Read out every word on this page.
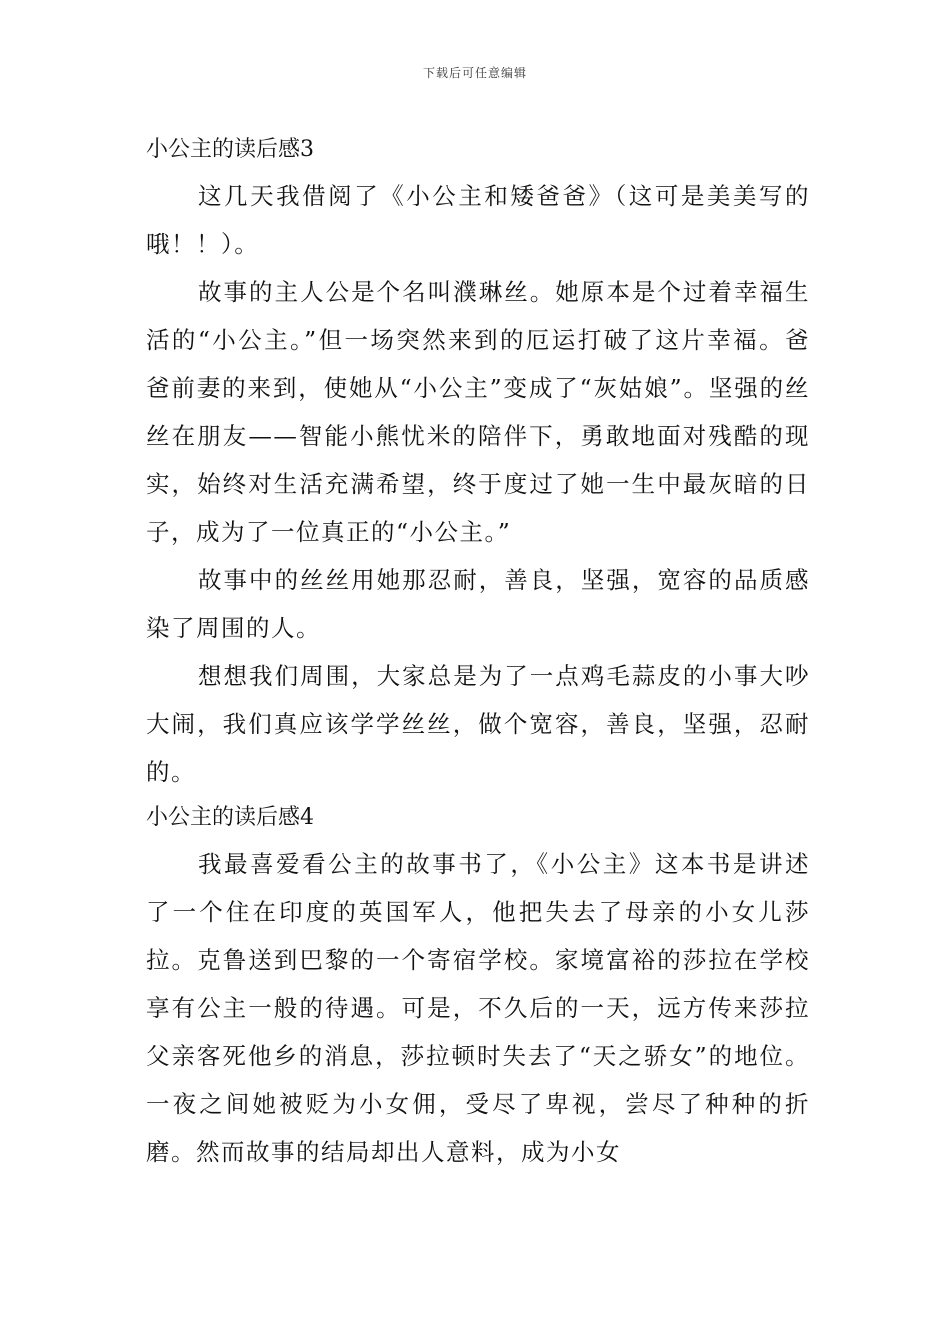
下载后可任意编辑
小公主的读后感3

这几天我借阅了《小公主和矮爸爸》（这可是美美写的哦！！）。

故事的主人公是个名叫濮琳丝。她原本是个过着幸福生活的“小公主。”但一场突然来到的厄运打破了这片幸福。爸爸前妻的来到，使她从“小公主”变成了“灰姑娘”。坚强的丝丝在朋友——智能小熊忧米的陪伴下，勇敢地面对残酷的现实，始终对生活充满希望，终于度过了她一生中最灰暗的日子，成为了一位真正的“小公主。”

故事中的丝丝用她那忍耐，善良，坚强，宽容的品质感染了周围的人。

想想我们周围，大家总是为了一点鸡毛蒜皮的小事大吵大闹，我们真应该学学丝丝，做个宽容，善良，坚强，忍耐的。

小公主的读后感4

我最喜爱看公主的故事书了，《小公主》这本书是讲述了一个住在印度的英国军人，他把失去了母亲的小女儿莎拉。克鲁送到巴黎的一个寄宿学校。家境富裕的莎拉在学校享有公主一般的待遇。可是，不久后的一天，远方传来莎拉父亲客死他乡的消息，莎拉顿时失去了“天之骄女”的地位。一夜之间她被贬为小女佣，受尽了卑视，尝尽了种种的折磨。然而故事的结局却出人意料，成为小女
